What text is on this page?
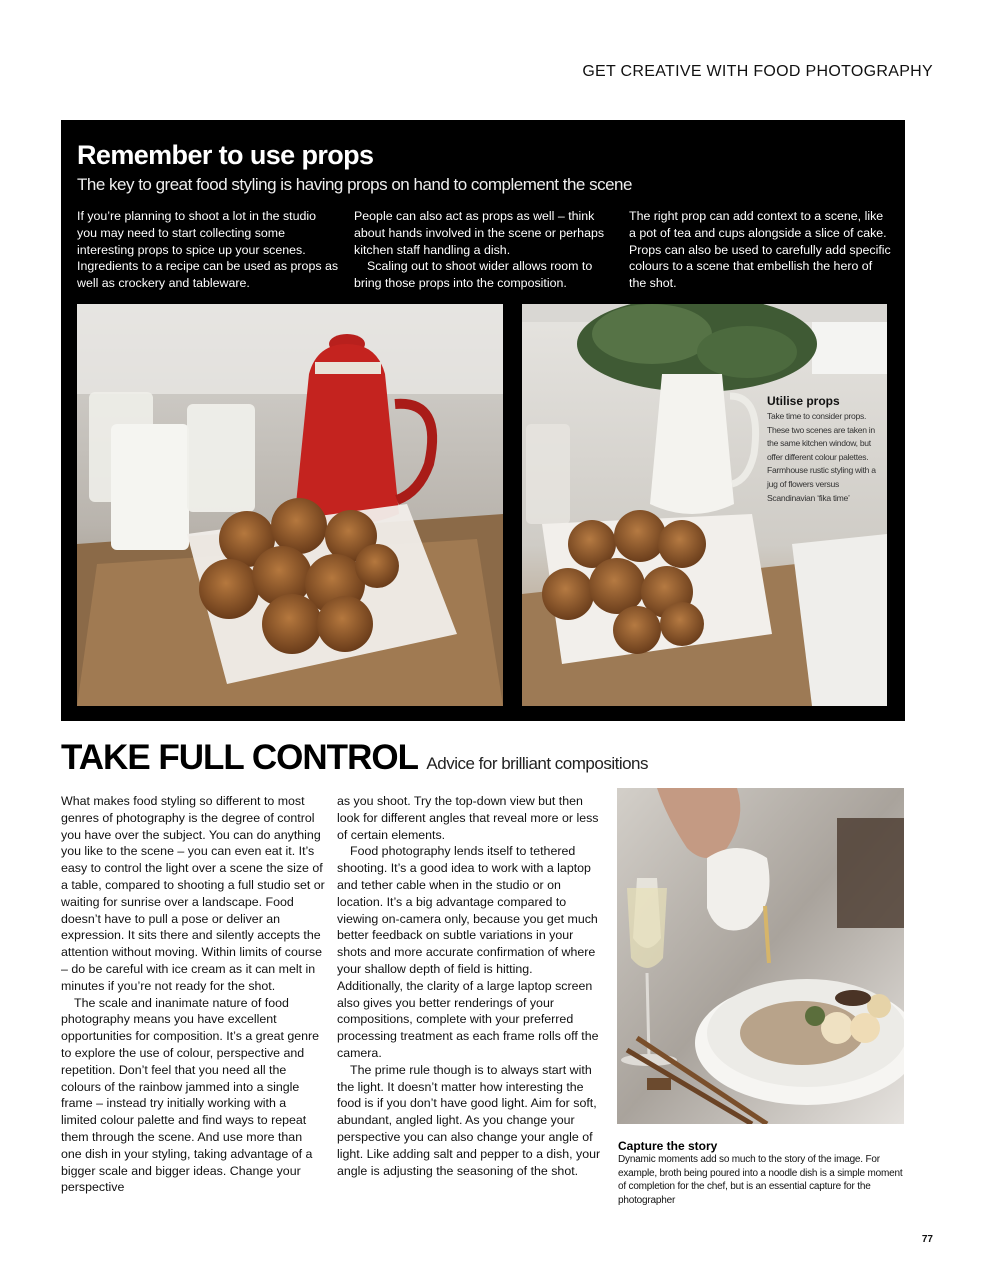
GET CREATIVE WITH FOOD PHOTOGRAPHY
Remember to use props
The key to great food styling is having props on hand to complement the scene

If you’re planning to shoot a lot in the studio you may need to start collecting some interesting props to spice up your scenes. Ingredients to a recipe can be used as props as well as crockery and tableware.

People can also act as props as well – think about hands involved in the scene or perhaps kitchen staff handling a dish.

Scaling out to shoot wider allows room to bring those props into the composition.

The right prop can add context to a scene, like a pot of tea and cups alongside a slice of cake. Props can also be used to carefully add specific colours to a scene that embellish the hero of the shot.

Utilise props
Take time to consider props. These two scenes are taken in the same kitchen window, but offer different colour palettes. Farmhouse rustic styling with a jug of flowers versus Scandinavian ‘fika time’
TAKE FULL CONTROL Advice for brilliant compositions

What makes food styling so different to most genres of photography is the degree of control you have over the subject. You can do anything you like to the scene – you can even eat it. It’s easy to control the light over a scene the size of a table, compared to shooting a full studio set or waiting for sunrise over a landscape. Food doesn’t have to pull a pose or deliver an expression. It sits there and silently accepts the attention without moving. Within limits of course – do be careful with ice cream as it can melt in minutes if you’re not ready for the shot.

The scale and inanimate nature of food photography means you have excellent opportunities for composition. It’s a great genre to explore the use of colour, perspective and repetition. Don’t feel that you need all the colours of the rainbow jammed into a single frame – instead try initially working with a limited colour palette and find ways to repeat them through the scene. And use more than one dish in your styling, taking advantage of a bigger scale and bigger ideas. Change your perspective

as you shoot. Try the top-down view but then look for different angles that reveal more or less of certain elements.

Food photography lends itself to tethered shooting. It’s a good idea to work with a laptop and tether cable when in the studio or on location. It’s a big advantage compared to viewing on-camera only, because you get much better feedback on subtle variations in your shots and more accurate confirmation of where your shallow depth of field is hitting. Additionally, the clarity of a large laptop screen also gives you better renderings of your compositions, complete with your preferred processing treatment as each frame rolls off the camera.

The prime rule though is to always start with the light. It doesn’t matter how interesting the food is if you don’t have good light. Aim for soft, abundant, angled light. As you change your perspective you can also change your angle of light. Like adding salt and pepper to a dish, your angle is adjusting the seasoning of the shot.

Capture the story
Dynamic moments add so much to the story of the image. For example, broth being poured into a noodle dish is a simple moment of completion for the chef, but is an essential capture for the photographer
77
